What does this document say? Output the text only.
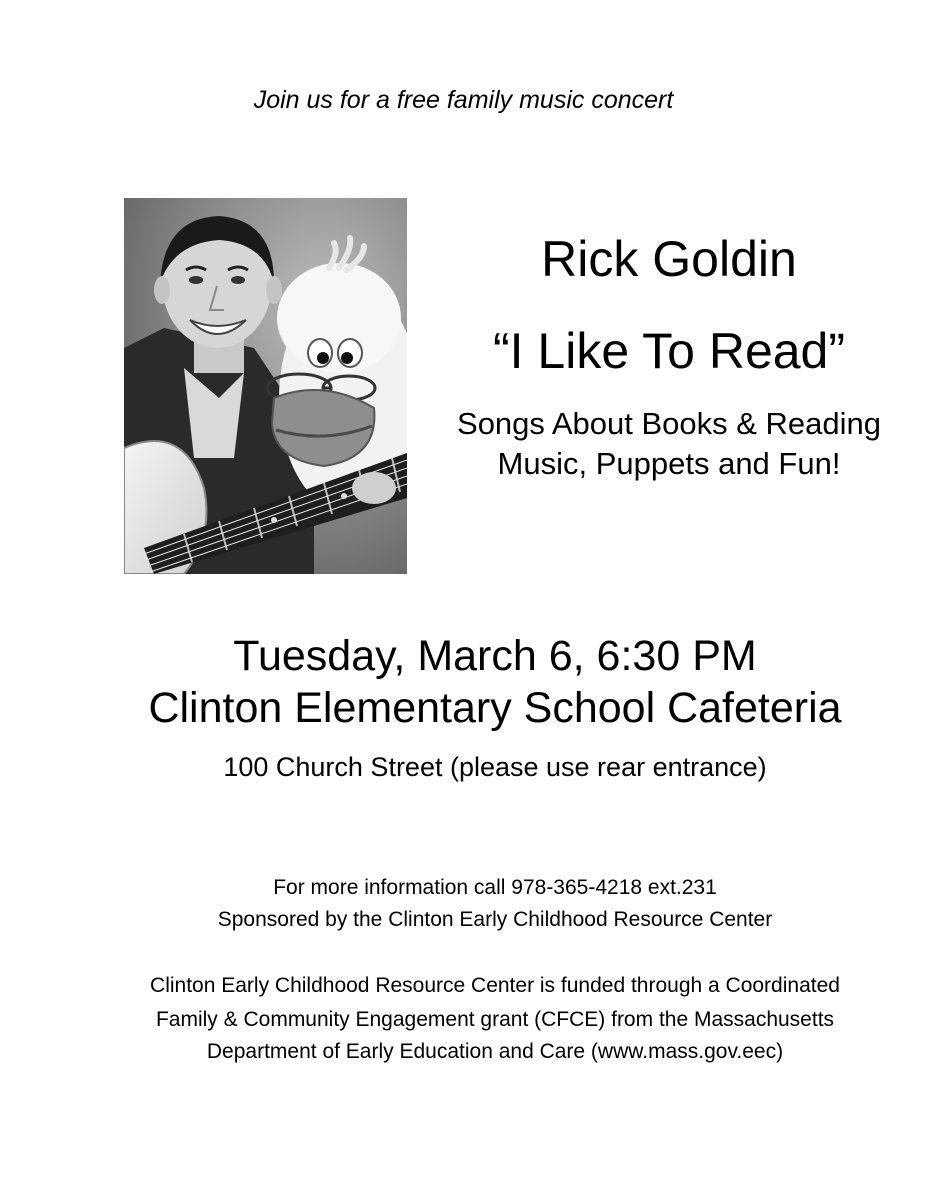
Join us for a free family music concert
Rick Goldin
“I Like To Read”
Songs About Books & Reading
Music, Puppets and Fun!
Tuesday, March 6, 6:30 PM
Clinton Elementary School Cafeteria
100 Church Street (please use rear entrance)
For more information call 978-365-4218 ext.231
Sponsored by the Clinton Early Childhood Resource Center
Clinton Early Childhood Resource Center is funded through a Coordinated
Family & Community Engagement grant (CFCE) from the Massachusetts
Department of Early Education and Care (www.mass.gov.eec)
